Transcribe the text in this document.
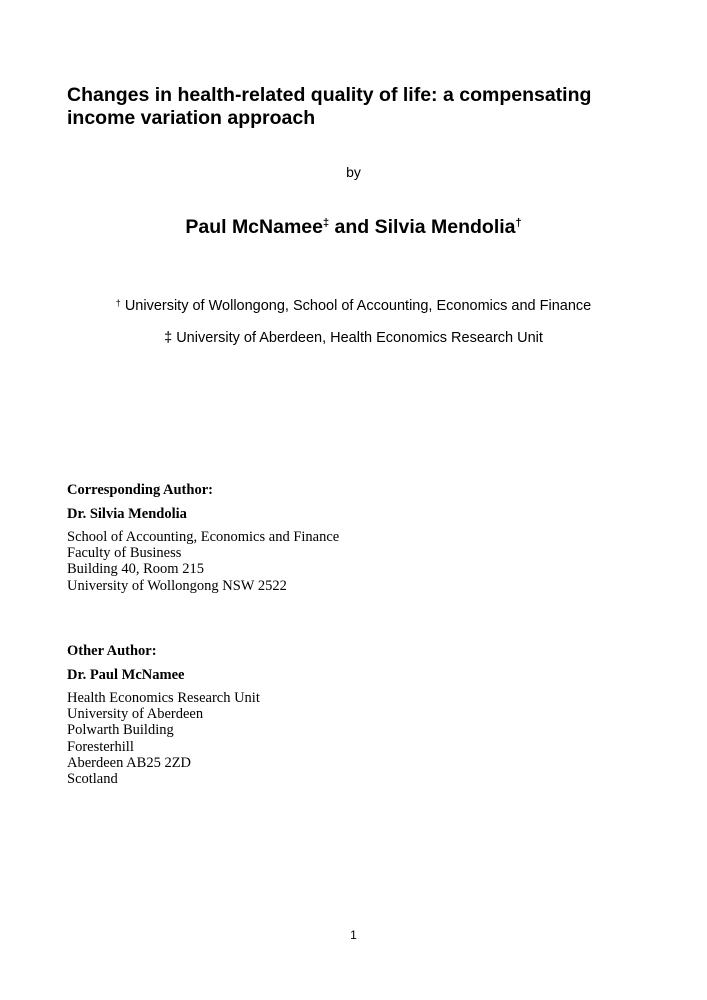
Changes in health-related quality of life: a compensating income variation approach
by
Paul McNamee‡ and Silvia Mendolia†
† University of Wollongong, School of Accounting, Economics and Finance
‡ University of Aberdeen, Health Economics Research Unit
Corresponding Author:
Dr. Silvia Mendolia
School of Accounting, Economics and Finance
Faculty of Business
Building 40, Room 215
University of Wollongong NSW 2522
Other Author:
Dr. Paul McNamee
Health Economics Research Unit
University of Aberdeen
Polwarth Building
Foresterhill
Aberdeen AB25 2ZD
Scotland
1
